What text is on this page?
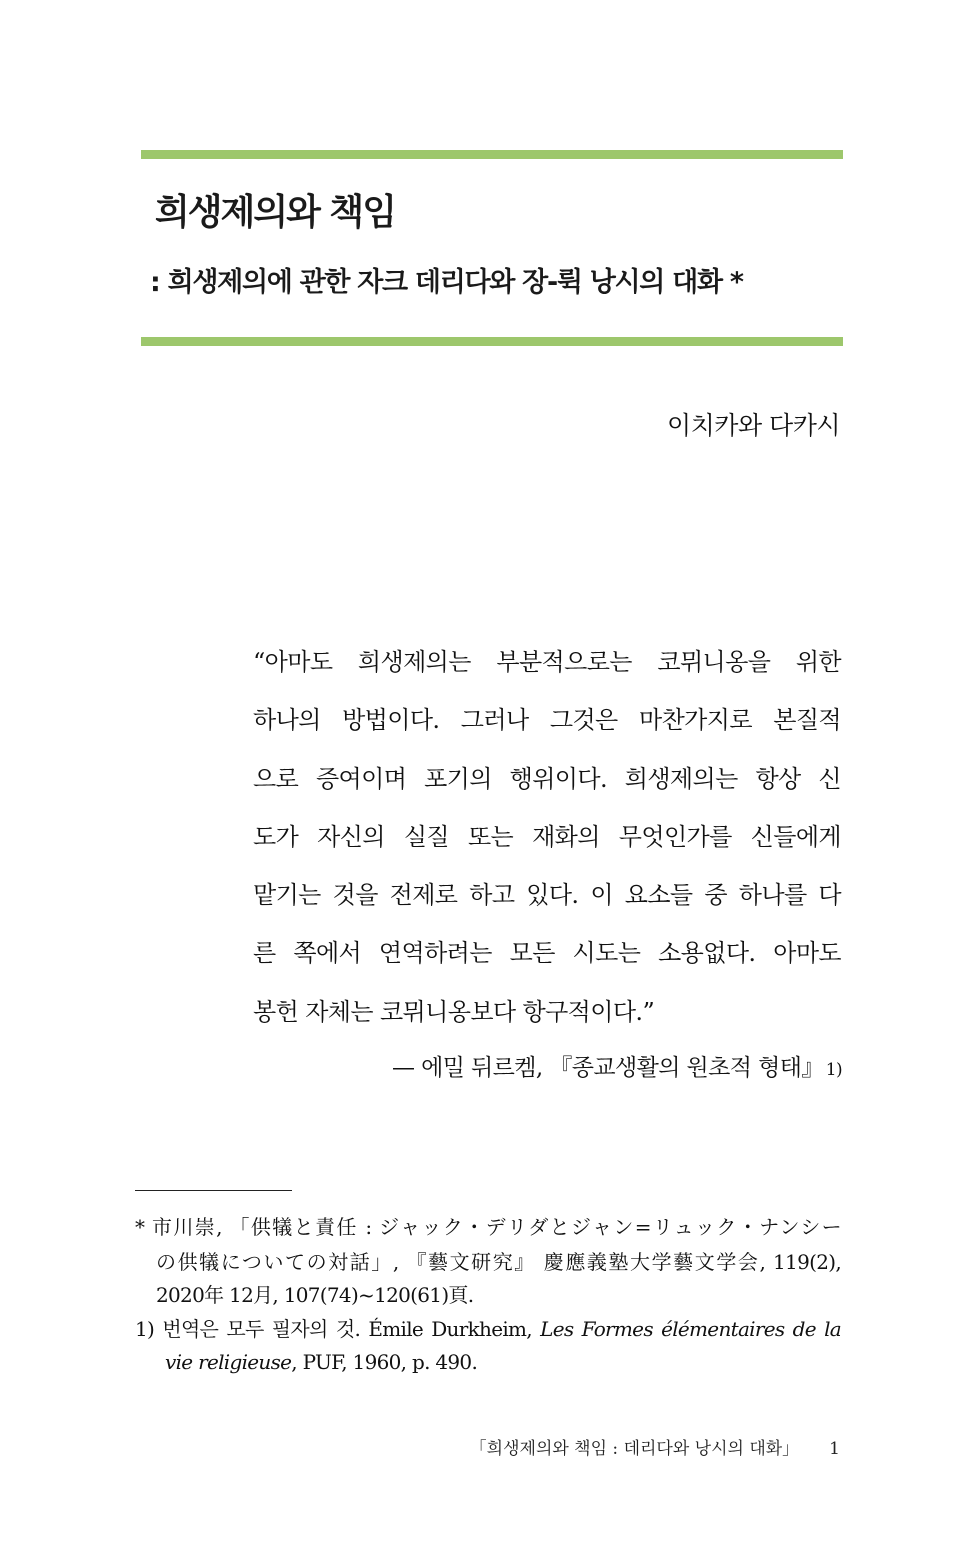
희생제의와 책임
: 희생제의에 관한 자크 데리다와 장-뤽 낭시의 대화 *
이치카와 다카시
“아마도 희생제의는 부분적으로는 코뮈니옹을 위한
하나의 방법이다. 그러나 그것은 마찬가지로 본질적
으로 증여이며 포기의 행위이다. 희생제의는 항상 신
도가 자신의 실질 또는 재화의 무엇인가를 신들에게
맡기는 것을 전제로 하고 있다. 이 요소들 중 하나를 다
른 쪽에서 연역하려는 모든 시도는 소용없다. 아마도
봉헌 자체는 코뮈니옹보다 항구적이다.”
— 에밀 뒤르켐, 『종교생활의 원초적 형태』 1)
* 市川崇, 「供犠と責任 : ジャック・デリダとジャン=リュック・ナンシー
の供犠についての対話」, 『藝文研究』 慶應義塾大学藝文学会, 119(2),
2020年 12月, 107(74)~120(61)頁.
1) 번역은 모두 필자의 것. Émile Durkheim, Les Formes élémentaires de la
vie religieuse, PUF, 1960, p. 490.
「희생제의와 책임 : 데리다와 낭시의 대화」 1
